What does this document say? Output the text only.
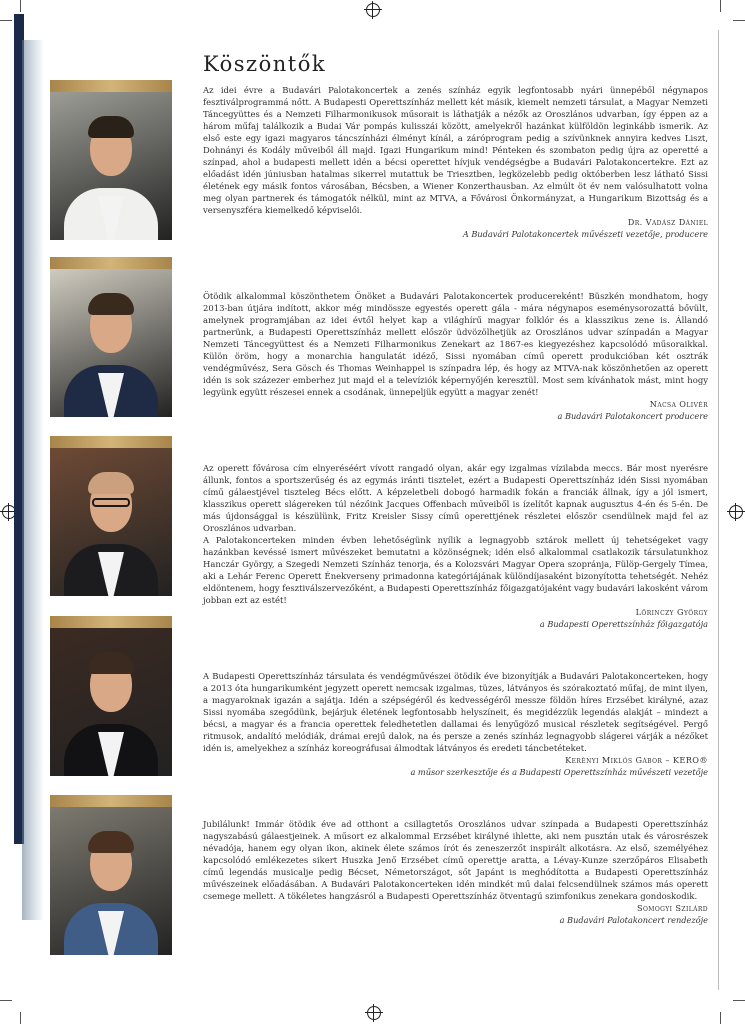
Köszöntők

Az idei évre a Budavári Palotakoncertek a zenés színház egyik legfontosabb nyári ünnepéből négynapos fesztiválprogrammá nőtt. A Budapesti Operettszínház mellett két másik, kiemelt nemzeti társulat, a Magyar Nemzeti Táncegyüttes és a Nemzeti Filharmonikusok műsorait is láthatják a nézők az Oroszlános udvarban, így éppen az a három műfaj találkozik a Budai Vár pompás kulisszái között, amelyekről hazánkat külföldön leginkább ismerik. Az első este egy igazi magyaros táncszínházi élményt kínál, a záróprogram pedig a szívünknek annyira kedves Liszt, Dohnányi és Kodály műveiből áll majd. Igazi Hungarikum mind! Pénteken és szombaton pedig újra az operetté a színpad, ahol a budapesti mellett idén a bécsi operettet hívjuk vendégségbe a Budavári Palotakoncertekre. Ezt az előadást idén júniusban hatalmas sikerrel mutattuk be Triesztben, legközelebb pedig októberben lesz látható Sissi életének egy másik fontos városában, Bécsben, a Wiener Konzerthausban. Az elmúlt öt év nem valósulhatott volna meg olyan partnerek és támogatók nélkül, mint az MTVA, a Fővárosi Önkormányzat, a Hungarikum Bizottság és a versenyszféra kiemelkedő képviselői.

Dr. Vadász Dániel
A Budavári Palotakoncertek művészeti vezetője, producere

Ötödik alkalommal köszönthetem Önöket a Budavári Palotakoncertek producereként! Büszkén mondhatom, hogy 2013-ban útjára indított, akkor még mindössze egyestés operett gála - mára négynapos eseménysorozattá bővült, amelynek programjában az idei évtől helyet kap a világhírű magyar folklór és a klasszikus zene is. Állandó partnerünk, a Budapesti Operettszínház mellett először üdvözölhetjük az Oroszlános udvar színpadán a Magyar Nemzeti Táncegyüttest és a Nemzeti Filharmonikus Zenekart az 1867-es kiegyezéshez kapcsolódó műsoraikkal. Külön öröm, hogy a monarchia hangulatát idéző, Sissi nyomában című operett produkcióban két osztrák vendégművész, Sera Gösch és Thomas Weinhappel is színpadra lép, és hogy az MTVA-nak köszönhetően az operett idén is sok százezer emberhez jut majd el a televíziók képernyőjén keresztül. Most sem kívánhatok mást, mint hogy legyünk együtt részesei ennek a csodának, ünnepeljük együtt a magyar zenét!

Nacsa Olivér
a Budavári Palotakoncert producere

Az operett fővárosa cím elnyeréséért vívott rangadó olyan, akár egy izgalmas vízilabda meccs. Bár most nyerésre állunk, fontos a sportszerűség és az egymás iránti tisztelet, ezért a Budapesti Operettszínház idén Sissi nyomában című gálaestjével tiszteleg Bécs előtt. A képzeletbeli dobogó harmadik fokán a franciák állnak, így a jól ismert, klasszikus operett slágereken túl nézőink Jacques Offenbach műveiből is ízelítőt kapnak augusztus 4-én és 5-én. De más újdonsággal is készülünk, Fritz Kreisler Sissy című operettjének részletei először csendülnek majd fel az Oroszlános udvarban.

A Palotakoncerteken minden évben lehetőségünk nyílik a legnagyobb sztárok mellett új tehetségeket vagy hazánkban kevéssé ismert művészeket bemutatni a közönségnek; idén első alkalommal csatlakozik társulatunkhoz Hanczár György, a Szegedi Nemzeti Színház tenorja, és a Kolozsvári Magyar Opera szopránja, Fülöp-Gergely Tímea, aki a Lehár Ferenc Operett Énekverseny primadonna kategóriájának különdíjasaként bizonyította tehetségét. Nehéz eldöntenem, hogy fesztiválszervezőként, a Budapesti Operettszínház főigazgatójaként vagy budavári lakosként várom jobban ezt az estét!

Lőrinczy György
a Budapesti Operettszínház főigazgatója

A Budapesti Operettszínház társulata és vendégművészei ötödik éve bizonyítják a Budavári Palotakoncerteken, hogy a 2013 óta hungarikumként jegyzett operett nemcsak izgalmas, tüzes, látványos és szórakoztató műfaj, de mint ilyen, a magyaroknak igazán a sajátja. Idén a szépségéről és kedvességéről messze földön híres Erzsébet királyné, azaz Sissi nyomába szegődünk, bejárjuk életének legfontosabb helyszíneit, és megidézzük legendás alakját – mindezt a bécsi, a magyar és a francia operettek feledhetetlen dallamai és lenyűgöző musical részletek segítségével. Pergő ritmusok, andalító melódiák, drámai erejű dalok, na és persze a zenés színház legnagyobb slágerei várják a nézőket idén is, amelyekhez a színház koreográfusai álmodtak látványos és eredeti táncbetéteket.

Kerényi Miklós Gábor – KERO®
a műsor szerkesztője és a Budapesti Operettszínház művészeti vezetője

Jubilálunk! Immár ötödik éve ad otthont a csillagtetős Oroszlános udvar színpada a Budapesti Operettszínház nagyszabású gálaestjeinek. A műsort ez alkalommal Erzsébet királyné ihlette, aki nem pusztán utak és városrészek névadója, hanem egy olyan ikon, akinek élete számos írót és zeneszerzőt inspirált alkotásra. Az első, személyéhez kapcsolódó emlékezetes sikert Huszka Jenő Erzsébet című operettje aratta, a Lévay-Kunze szerzőpáros Elisabeth című legendás musicalje pedig Bécset, Németországot, sőt Japánt is meghódította a Budapesti Operettszínház művészeinek előadásában. A Budavári Palotakoncerteken idén mindkét mű dalai felcsendülnek számos más operett csemege mellett. A tökéletes hangzásról a Budapesti Operettszínház ötventagú szimfonikus zenekara gondoskodik.

Somogyi Szilárd
a Budavári Palotakoncert rendezője
